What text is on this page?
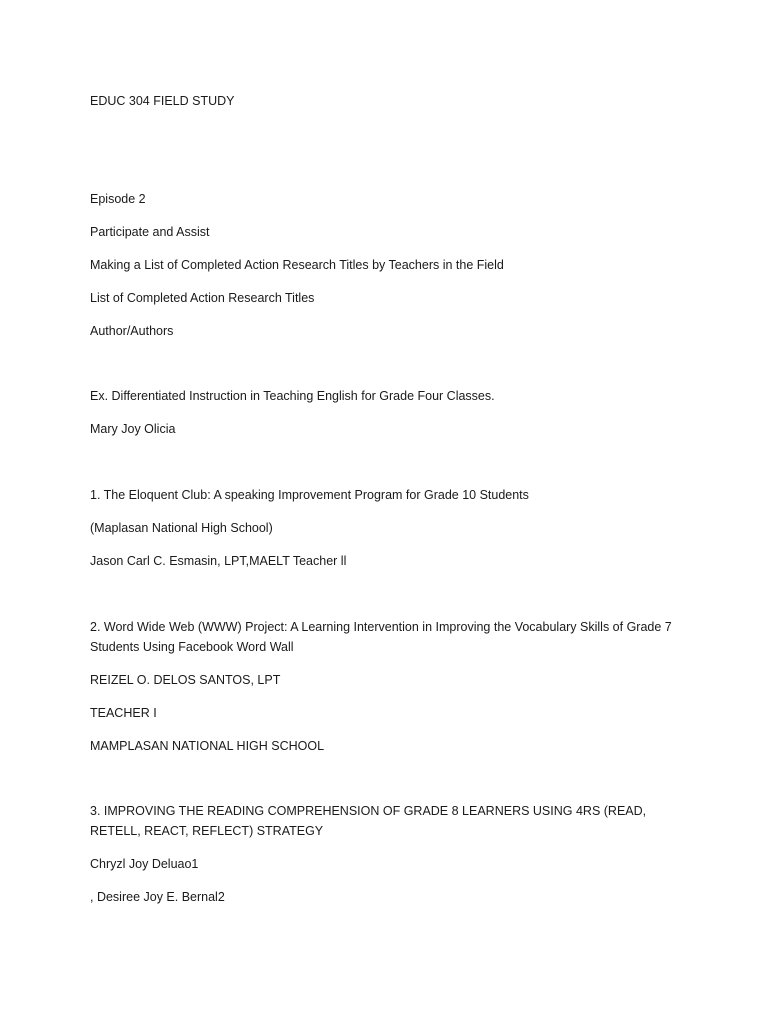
EDUC 304 FIELD STUDY
Episode 2
Participate and Assist
Making a List of Completed Action Research Titles by Teachers in the Field
List of Completed Action Research Titles
Author/Authors
Ex. Differentiated Instruction in Teaching English for Grade Four Classes.
Mary Joy Olicia
1. The Eloquent Club: A speaking Improvement Program for Grade 10 Students
(Maplasan National High School)
Jason Carl C. Esmasin, LPT,MAELT Teacher ll
2. Word Wide Web (WWW) Project: A Learning Intervention in Improving the Vocabulary Skills of Grade 7 Students Using Facebook Word Wall
REIZEL O. DELOS SANTOS, LPT
TEACHER I
MAMPLASAN NATIONAL HIGH SCHOOL
3. IMPROVING THE READING COMPREHENSION OF GRADE 8 LEARNERS USING 4RS (READ, RETELL, REACT, REFLECT) STRATEGY
Chryzl Joy Deluao1
, Desiree Joy E. Bernal2
